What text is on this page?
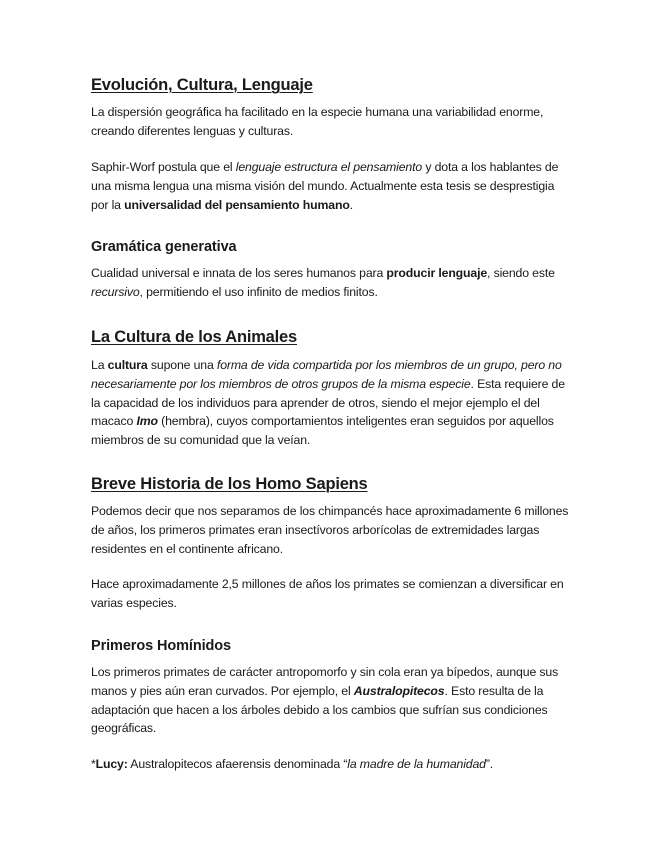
Evolución, Cultura, Lenguaje
La dispersión geográfica ha facilitado en la especie humana una variabilidad enorme, creando diferentes lenguas y culturas.
Saphir-Worf postula que el lenguaje estructura el pensamiento y dota a los hablantes de una misma lengua una misma visión del mundo. Actualmente esta tesis se desprestigia por la universalidad del pensamiento humano.
Gramática generativa
Cualidad universal e innata de los seres humanos para producir lenguaje, siendo este recursivo, permitiendo el uso infinito de medios finitos.
La Cultura de los Animales
La cultura supone una forma de vida compartida por los miembros de un grupo, pero no necesariamente por los miembros de otros grupos de la misma especie. Esta requiere de la capacidad de los individuos para aprender de otros, siendo el mejor ejemplo el del macaco Imo (hembra), cuyos comportamientos inteligentes eran seguidos por aquellos miembros de su comunidad que la veían.
Breve Historia de los Homo Sapiens
Podemos decir que nos separamos de los chimpancés hace aproximadamente 6 millones de años, los primeros primates eran insectívoros arborícolas de extremidades largas residentes en el continente africano.
Hace aproximadamente 2,5 millones de años los primates se comienzan a diversificar en varias especies.
Primeros Homínidos
Los primeros primates de carácter antropomorfo y sin cola eran ya bípedos, aunque sus manos y pies aún eran curvados. Por ejemplo, el Australopitecos. Esto resulta de la adaptación que hacen a los árboles debido a los cambios que sufrían sus condiciones geográficas.
*Lucy: Australopitecos afaerensis denominada “la madre de la humanidad”.
